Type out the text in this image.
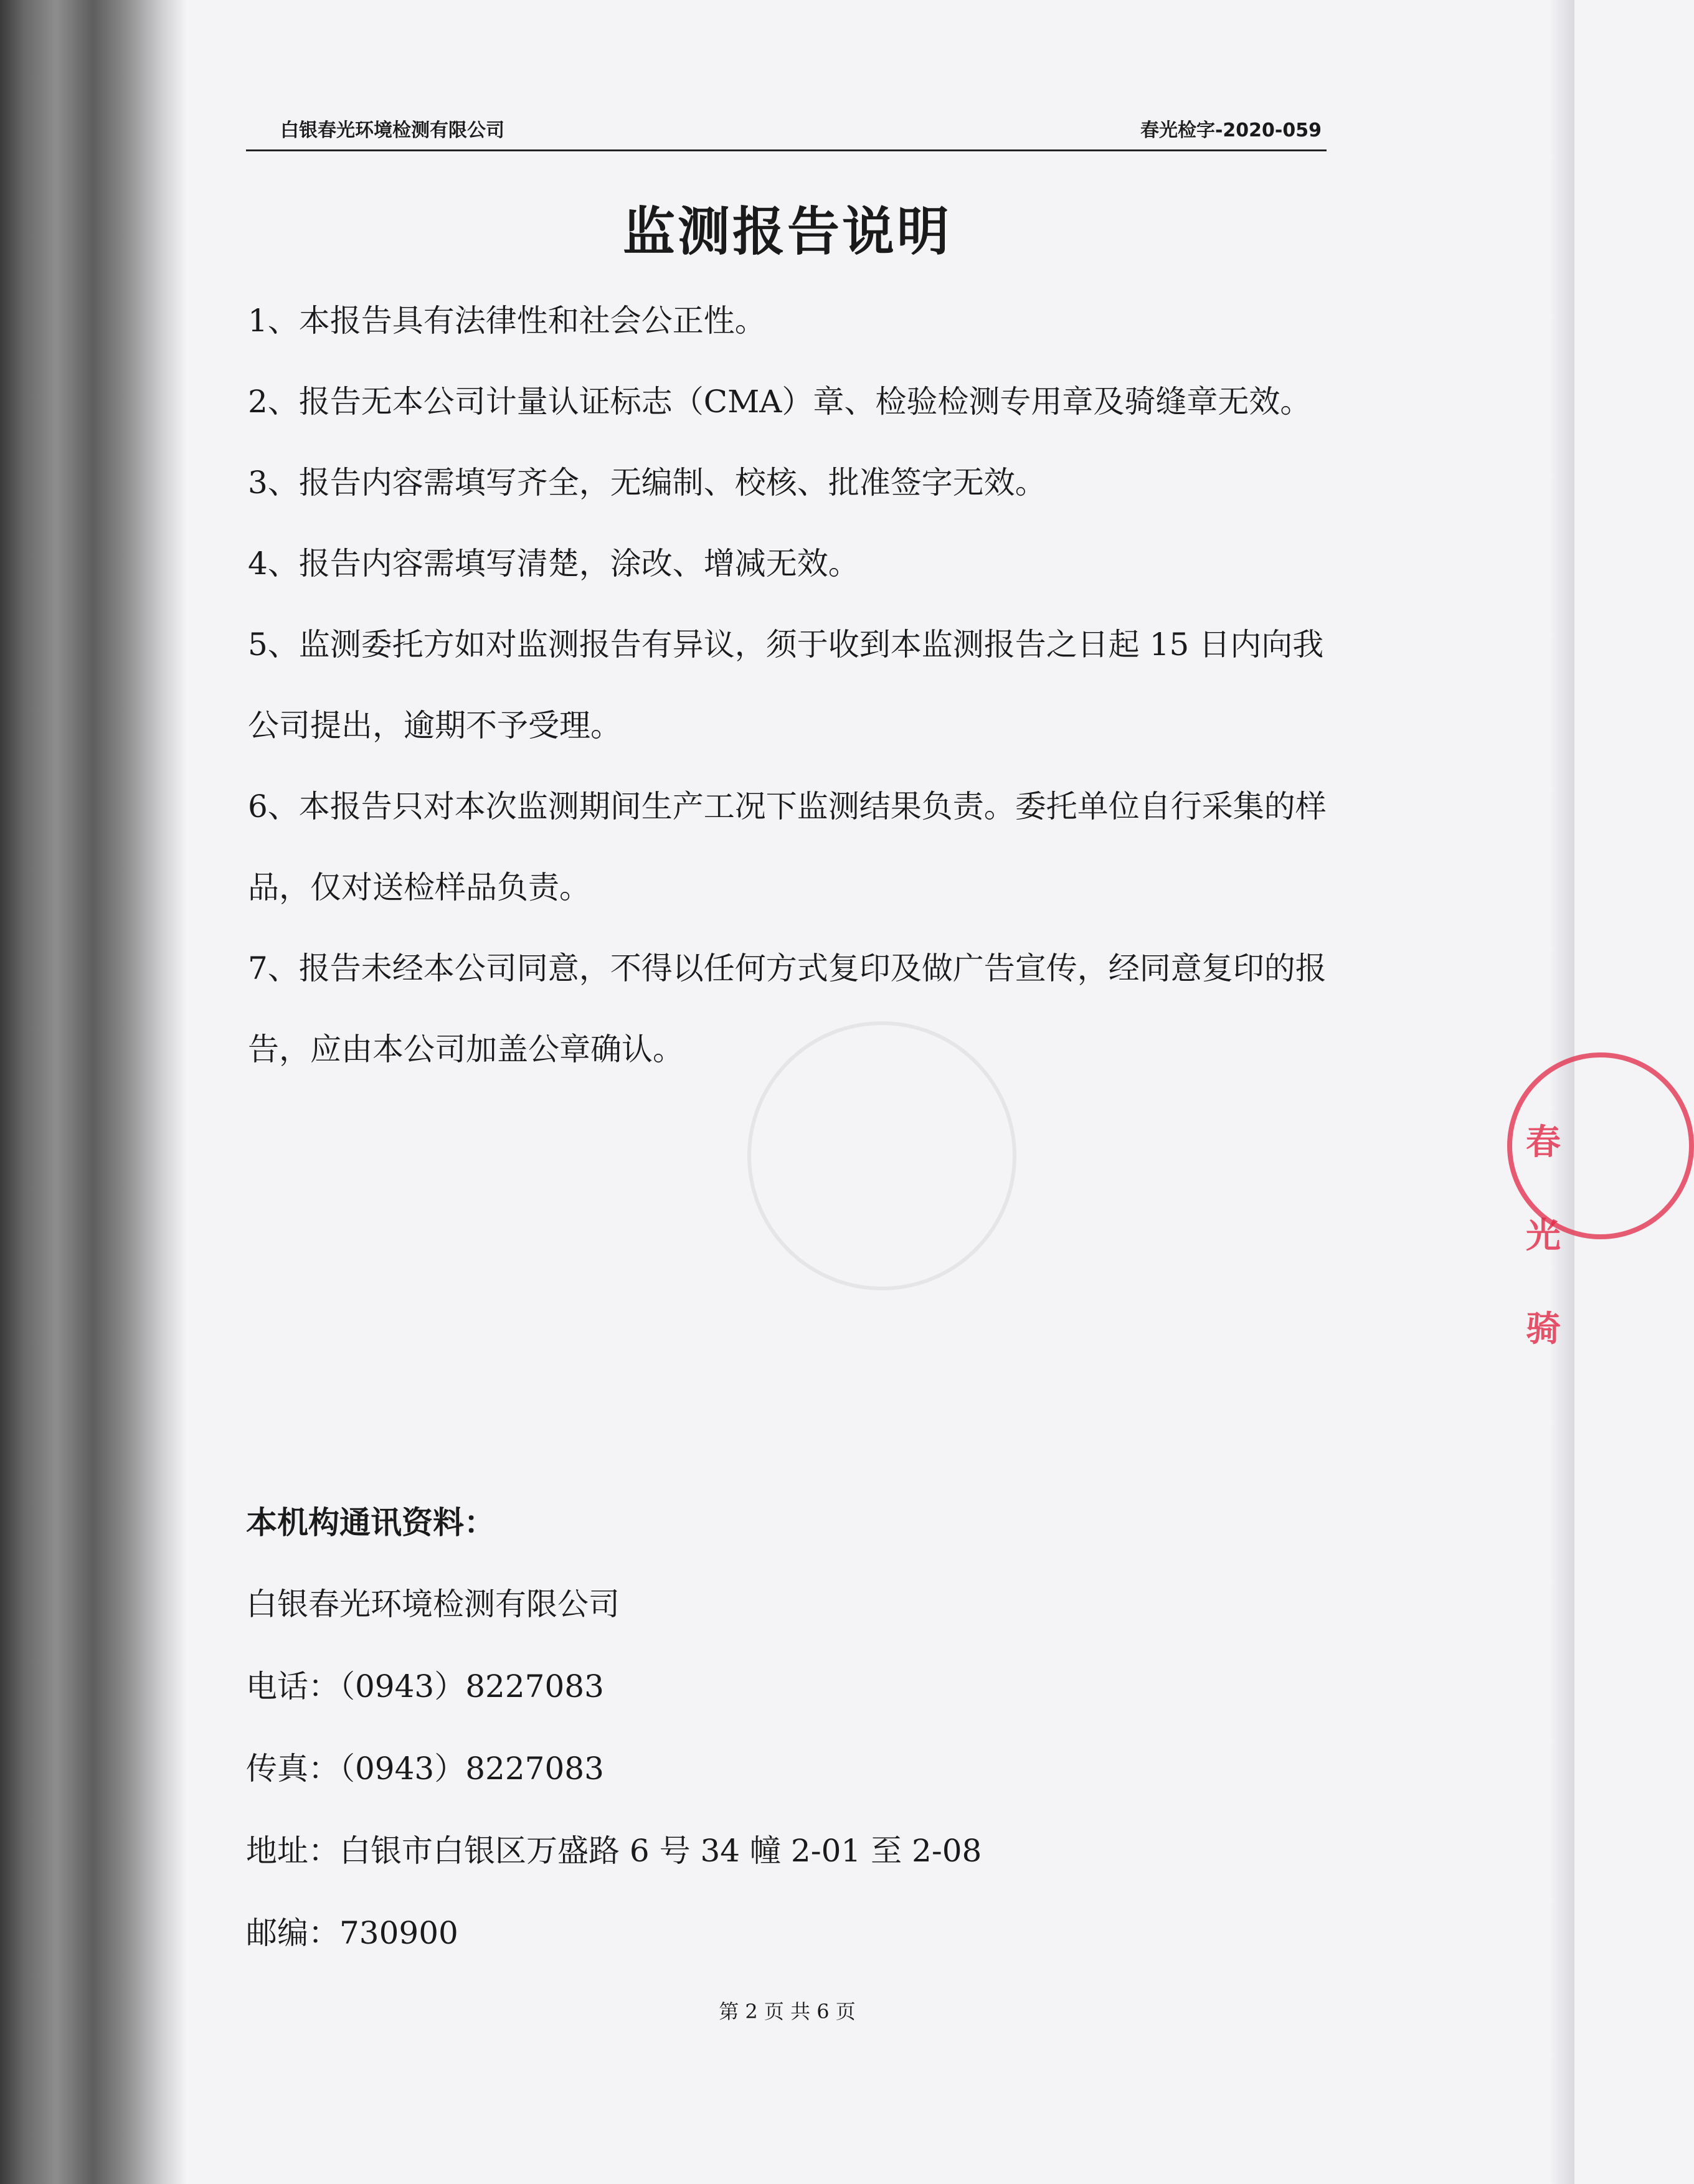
白银春光环境检测有限公司	春光检字-2020-059
监测报告说明
1、本报告具有法律性和社会公正性。
2、报告无本公司计量认证标志（CMA）章、检验检测专用章及骑缝章无效。
3、报告内容需填写齐全，无编制、校核、批准签字无效。
4、报告内容需填写清楚，涂改、增减无效。
5、监测委托方如对监测报告有异议，须于收到本监测报告之日起 15 日内向我公司提出，逾期不予受理。
6、本报告只对本次监测期间生产工况下监测结果负责。委托单位自行采集的样品，仅对送检样品负责。
7、报告未经本公司同意，不得以任何方式复印及做广告宣传，经同意复印的报告，应由本公司加盖公章确认。
本机构通讯资料：
白银春光环境检测有限公司
电话：（0943）8227083
传真：（0943）8227083
地址：白银市白银区万盛路 6 号 34 幢 2-01 至 2-08
邮编：730900
第 2 页 共 6 页
春光 骑
